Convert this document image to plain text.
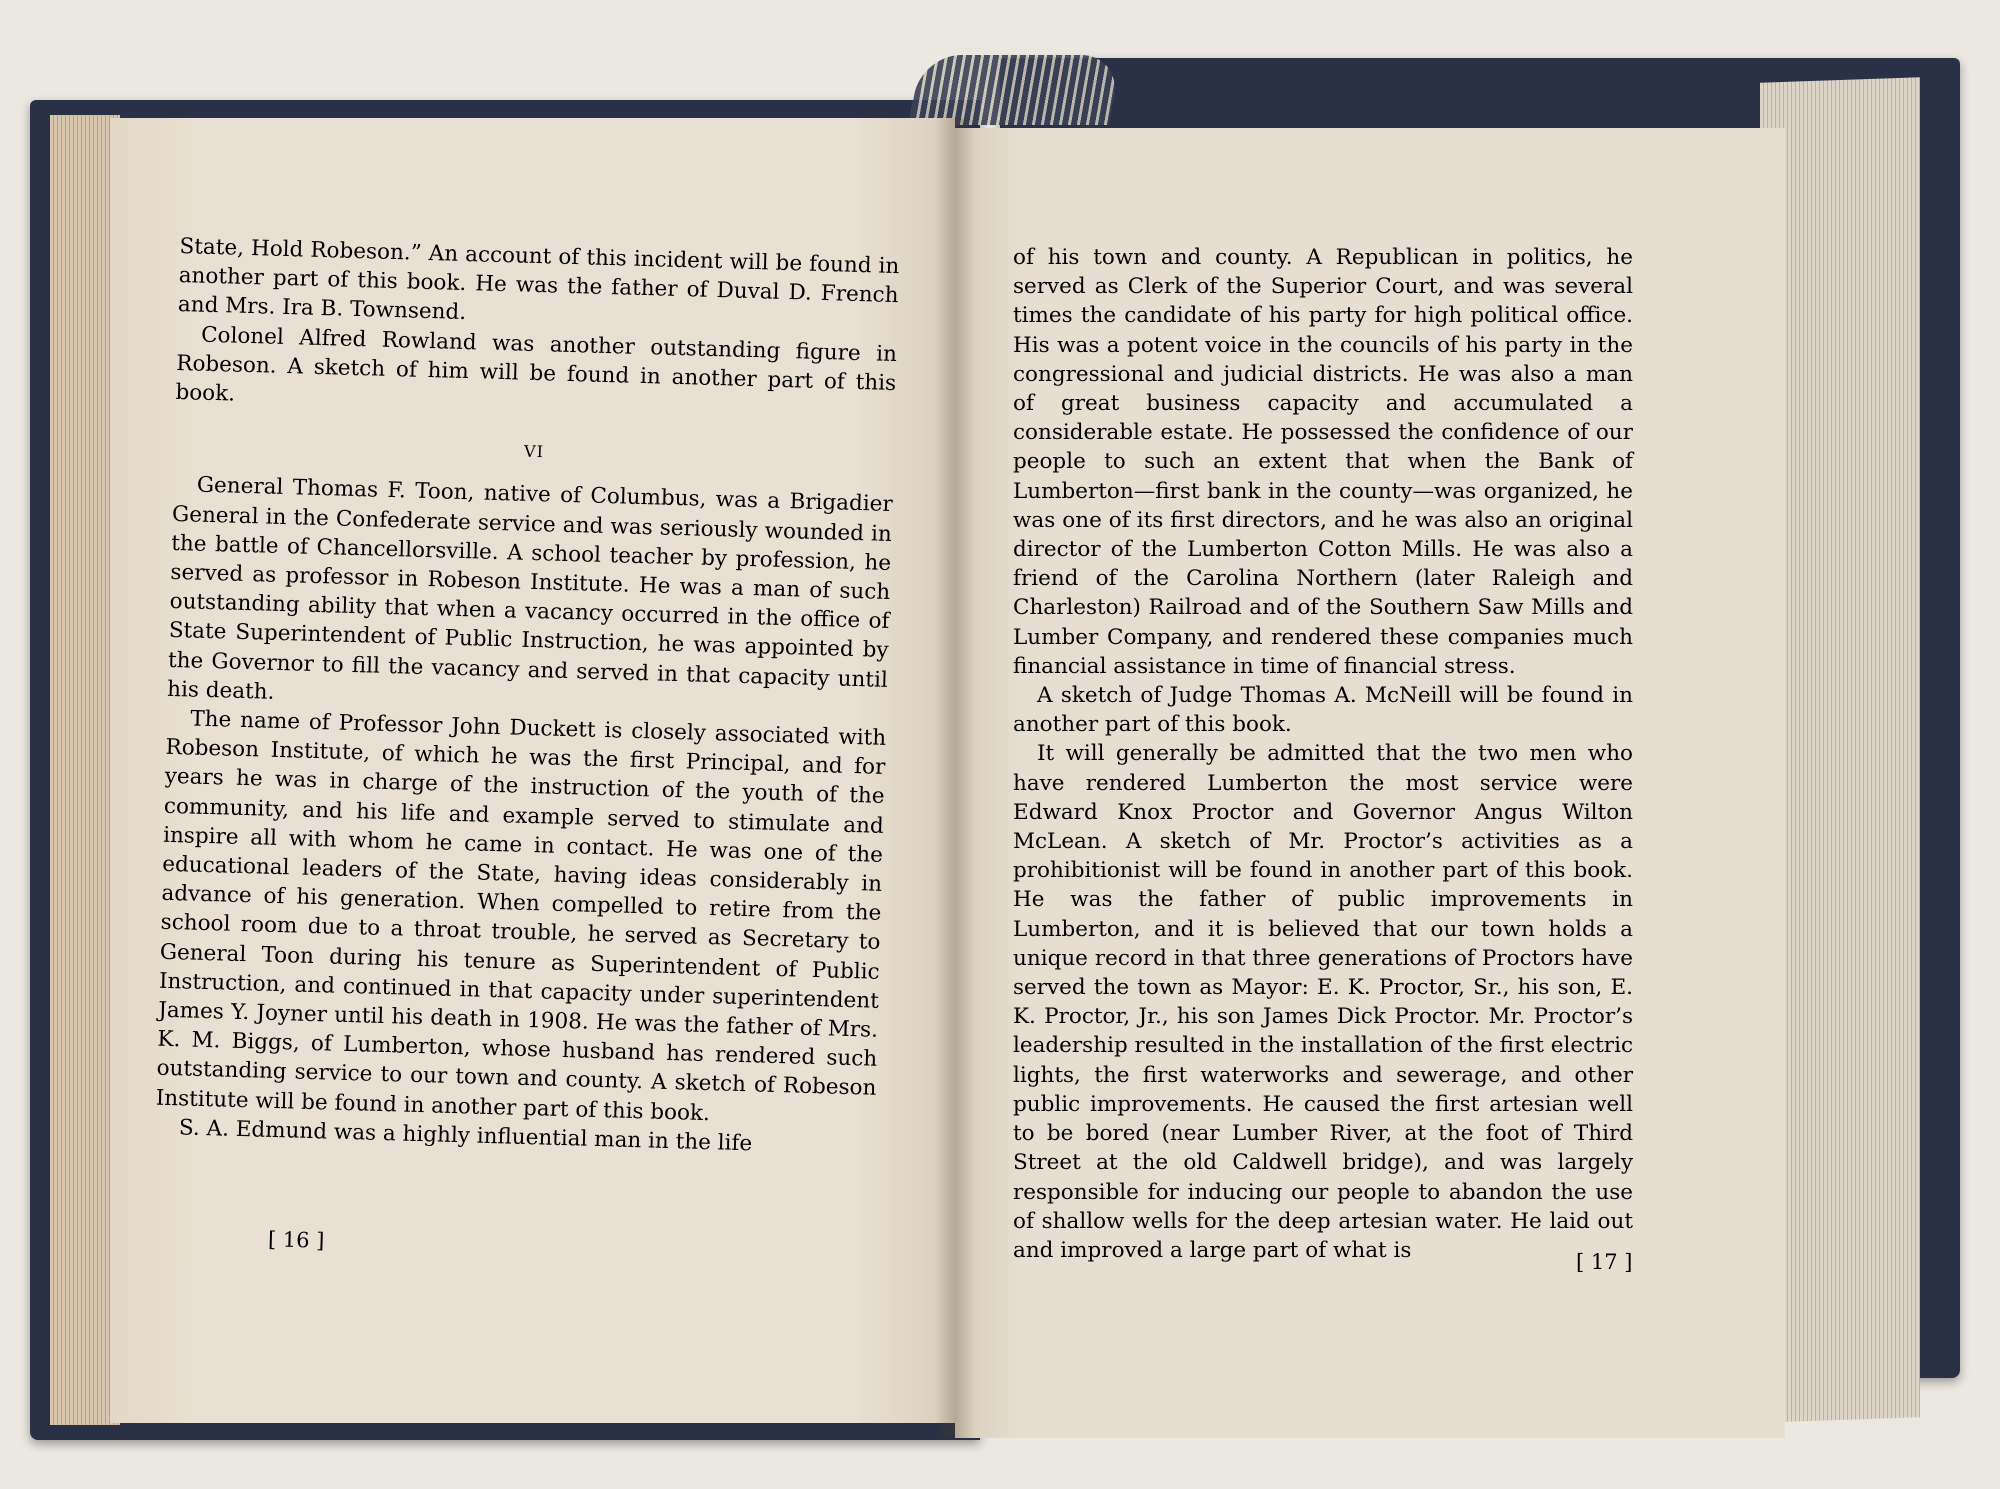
State, Hold Robeson.” An account of this incident will be found in another part of this book. He was the father of Duval D. French and Mrs. Ira B. Townsend.

Colonel Alfred Rowland was another outstanding figure in Robeson. A sketch of him will be found in another part of this book.

VI

General Thomas F. Toon, native of Columbus, was a Brigadier General in the Confederate service and was seriously wounded in the battle of Chancellorsville. A school teacher by profession, he served as professor in Robeson Institute. He was a man of such outstanding ability that when a vacancy occurred in the office of State Superintendent of Public Instruction, he was appointed by the Governor to fill the vacancy and served in that capacity until his death.

The name of Professor John Duckett is closely associated with Robeson Institute, of which he was the first Principal, and for years he was in charge of the instruction of the youth of the community, and his life and example served to stimulate and inspire all with whom he came in contact. He was one of the educational leaders of the State, having ideas considerably in advance of his generation. When compelled to retire from the school room due to a throat trouble, he served as Secretary to General Toon during his tenure as Superintendent of Public Instruction, and continued in that capacity under superintendent James Y. Joyner until his death in 1908. He was the father of Mrs. K. M. Biggs, of Lumberton, whose husband has rendered such outstanding service to our town and county. A sketch of Robeson Institute will be found in another part of this book.

S. A. Edmund was a highly influential man in the life

[ 16 ]

of his town and county. A Republican in politics, he served as Clerk of the Superior Court, and was several times the candidate of his party for high political office. His was a potent voice in the councils of his party in the congressional and judicial districts. He was also a man of great business capacity and accumulated a considerable estate. He possessed the confidence of our people to such an extent that when the Bank of Lumberton—first bank in the county—was organized, he was one of its first directors, and he was also an original director of the Lumberton Cotton Mills. He was also a friend of the Carolina Northern (later Raleigh and Charleston) Railroad and of the Southern Saw Mills and Lumber Company, and rendered these companies much financial assistance in time of financial stress.

A sketch of Judge Thomas A. McNeill will be found in another part of this book.

It will generally be admitted that the two men who have rendered Lumberton the most service were Edward Knox Proctor and Governor Angus Wilton McLean. A sketch of Mr. Proctor’s activities as a prohibitionist will be found in another part of this book. He was the father of public improvements in Lumberton, and it is believed that our town holds a unique record in that three generations of Proctors have served the town as Mayor: E. K. Proctor, Sr., his son, E. K. Proctor, Jr., his son James Dick Proctor. Mr. Proctor’s leadership resulted in the installation of the first electric lights, the first waterworks and sewerage, and other public improvements. He caused the first artesian well to be bored (near Lumber River, at the foot of Third Street at the old Caldwell bridge), and was largely responsible for inducing our people to abandon the use of shallow wells for the deep artesian water. He laid out and improved a large part of what is	[ 17 ]
